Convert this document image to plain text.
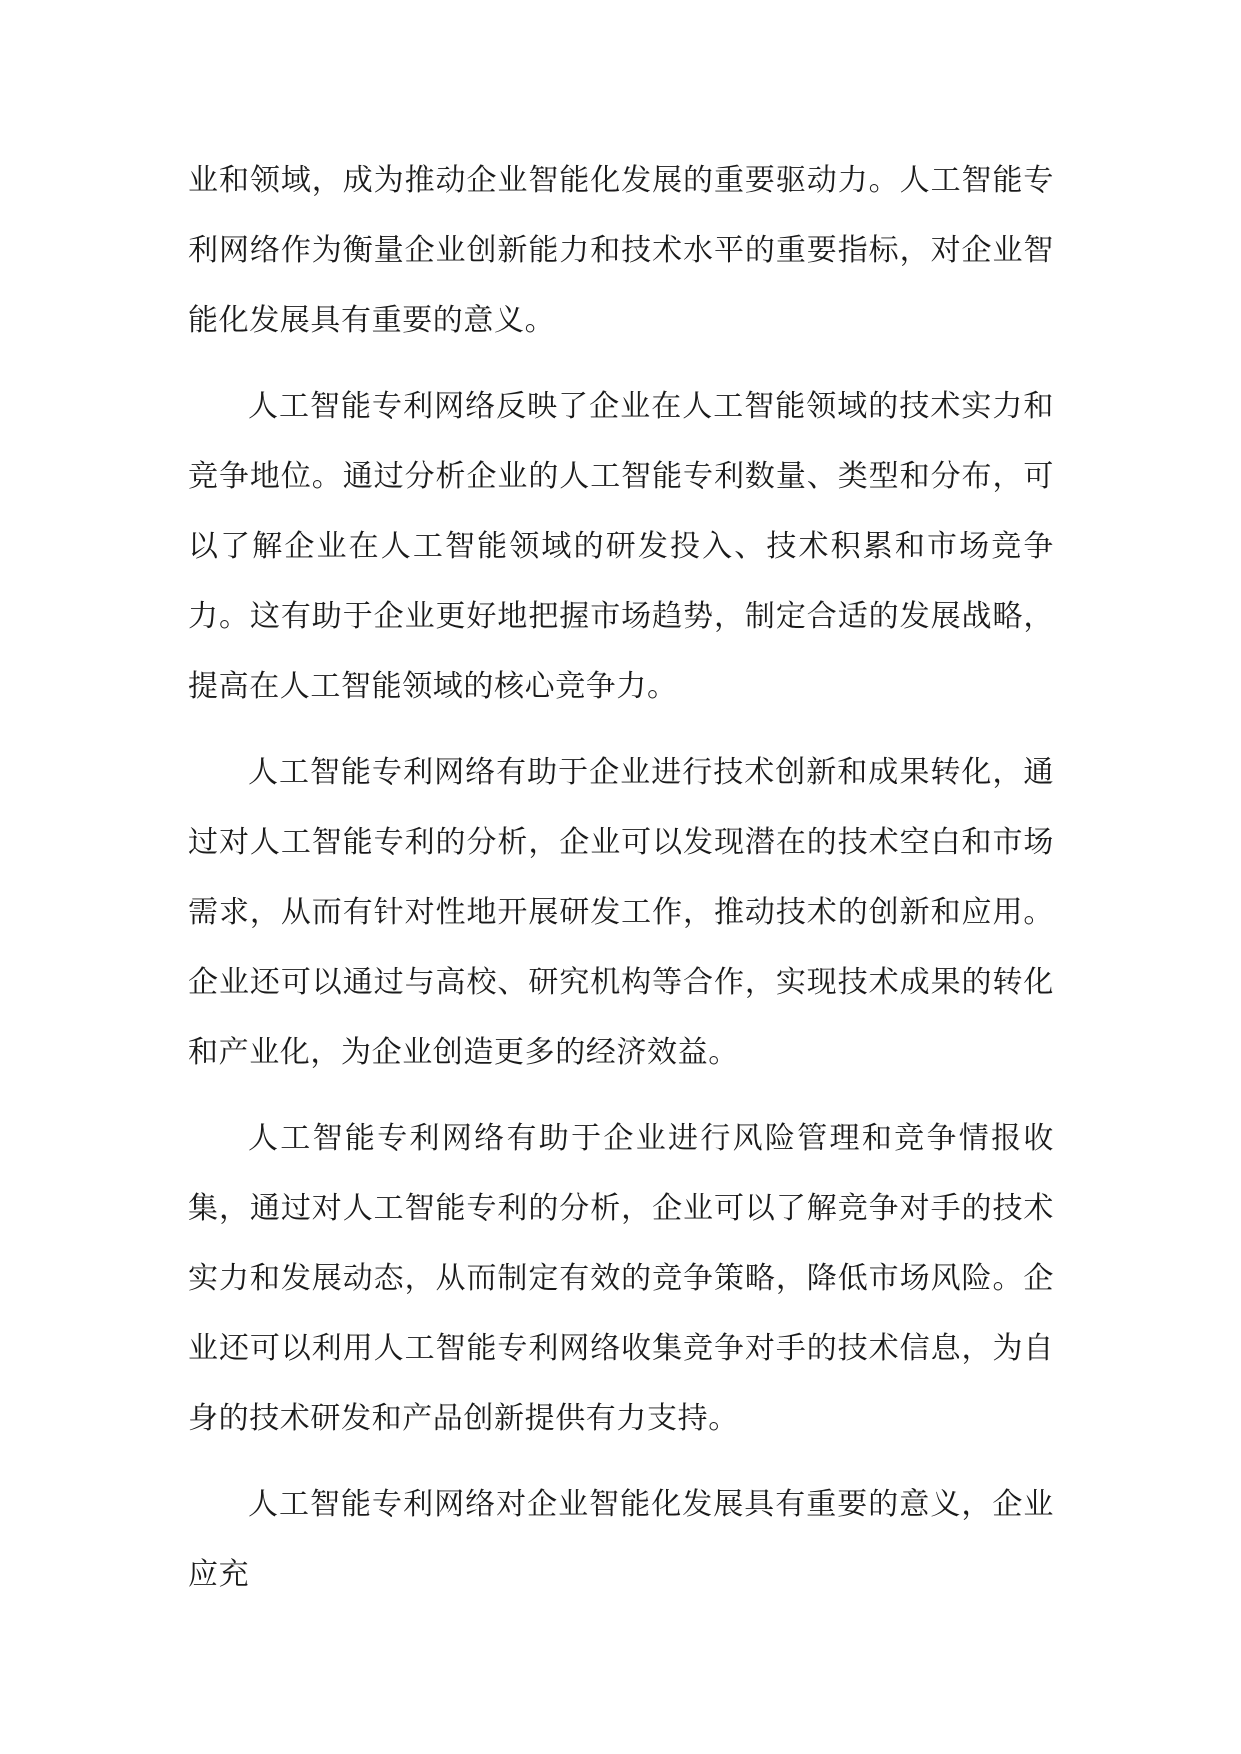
业和领域，成为推动企业智能化发展的重要驱动力。人工智能专利网络作为衡量企业创新能力和技术水平的重要指标，对企业智能化发展具有重要的意义。

人工智能专利网络反映了企业在人工智能领域的技术实力和竞争地位。通过分析企业的人工智能专利数量、类型和分布，可以了解企业在人工智能领域的研发投入、技术积累和市场竞争力。这有助于企业更好地把握市场趋势，制定合适的发展战略，提高在人工智能领域的核心竞争力。

人工智能专利网络有助于企业进行技术创新和成果转化，通过对人工智能专利的分析，企业可以发现潜在的技术空白和市场需求，从而有针对性地开展研发工作，推动技术的创新和应用。企业还可以通过与高校、研究机构等合作，实现技术成果的转化和产业化，为企业创造更多的经济效益。

人工智能专利网络有助于企业进行风险管理和竞争情报收集，通过对人工智能专利的分析，企业可以了解竞争对手的技术实力和发展动态，从而制定有效的竞争策略，降低市场风险。企业还可以利用人工智能专利网络收集竞争对手的技术信息，为自身的技术研发和产品创新提供有力支持。

人工智能专利网络对企业智能化发展具有重要的意义，企业应充
